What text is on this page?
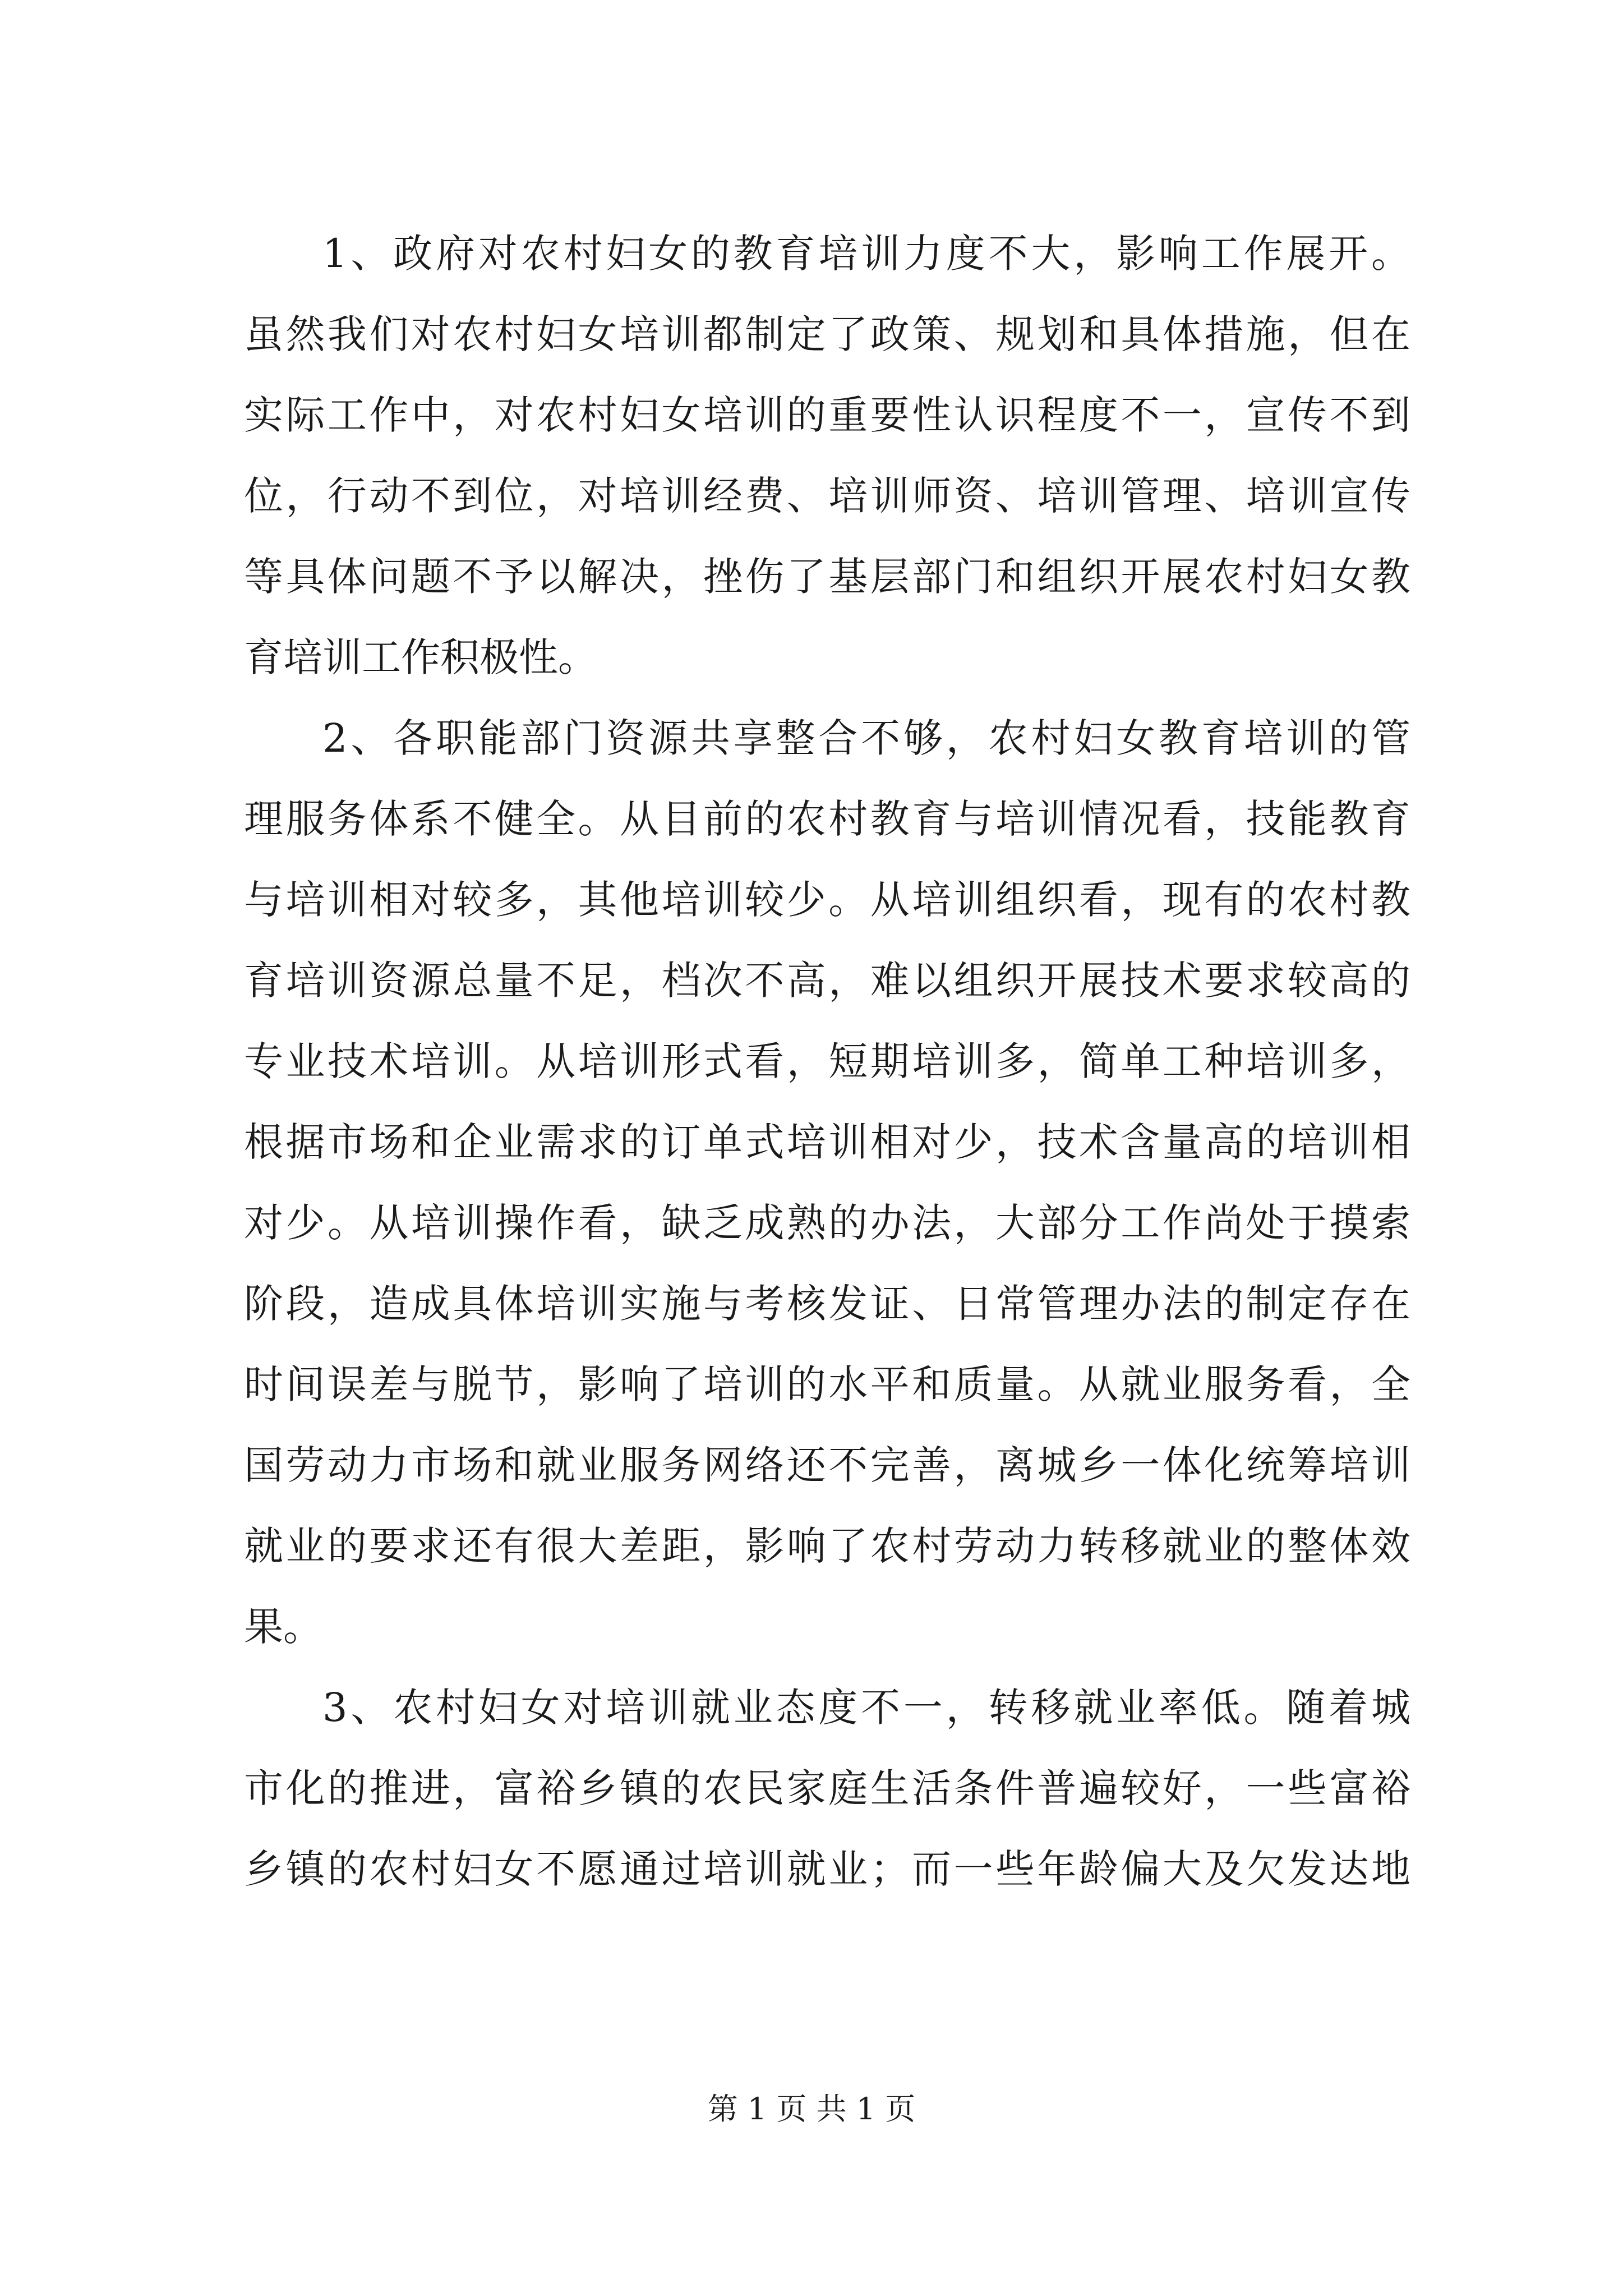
1、政府对农村妇女的教育培训力度不大，影响工作展开。
虽然我们对农村妇女培训都制定了政策、规划和具体措施，但在
实际工作中，对农村妇女培训的重要性认识程度不一，宣传不到
位，行动不到位，对培训经费、培训师资、培训管理、培训宣传
等具体问题不予以解决，挫伤了基层部门和组织开展农村妇女教
育培训工作积极性。
2、各职能部门资源共享整合不够，农村妇女教育培训的管
理服务体系不健全。从目前的农村教育与培训情况看，技能教育
与培训相对较多，其他培训较少。从培训组织看，现有的农村教
育培训资源总量不足，档次不高，难以组织开展技术要求较高的
专业技术培训。从培训形式看，短期培训多，简单工种培训多，
根据市场和企业需求的订单式培训相对少，技术含量高的培训相
对少。从培训操作看，缺乏成熟的办法，大部分工作尚处于摸索
阶段，造成具体培训实施与考核发证、日常管理办法的制定存在
时间误差与脱节，影响了培训的水平和质量。从就业服务看，全
国劳动力市场和就业服务网络还不完善，离城乡一体化统筹培训
就业的要求还有很大差距，影响了农村劳动力转移就业的整体效
果。
3、农村妇女对培训就业态度不一，转移就业率低。随着城
市化的推进，富裕乡镇的农民家庭生活条件普遍较好，一些富裕
乡镇的农村妇女不愿通过培训就业；而一些年龄偏大及欠发达地
第 1 页 共 1 页
